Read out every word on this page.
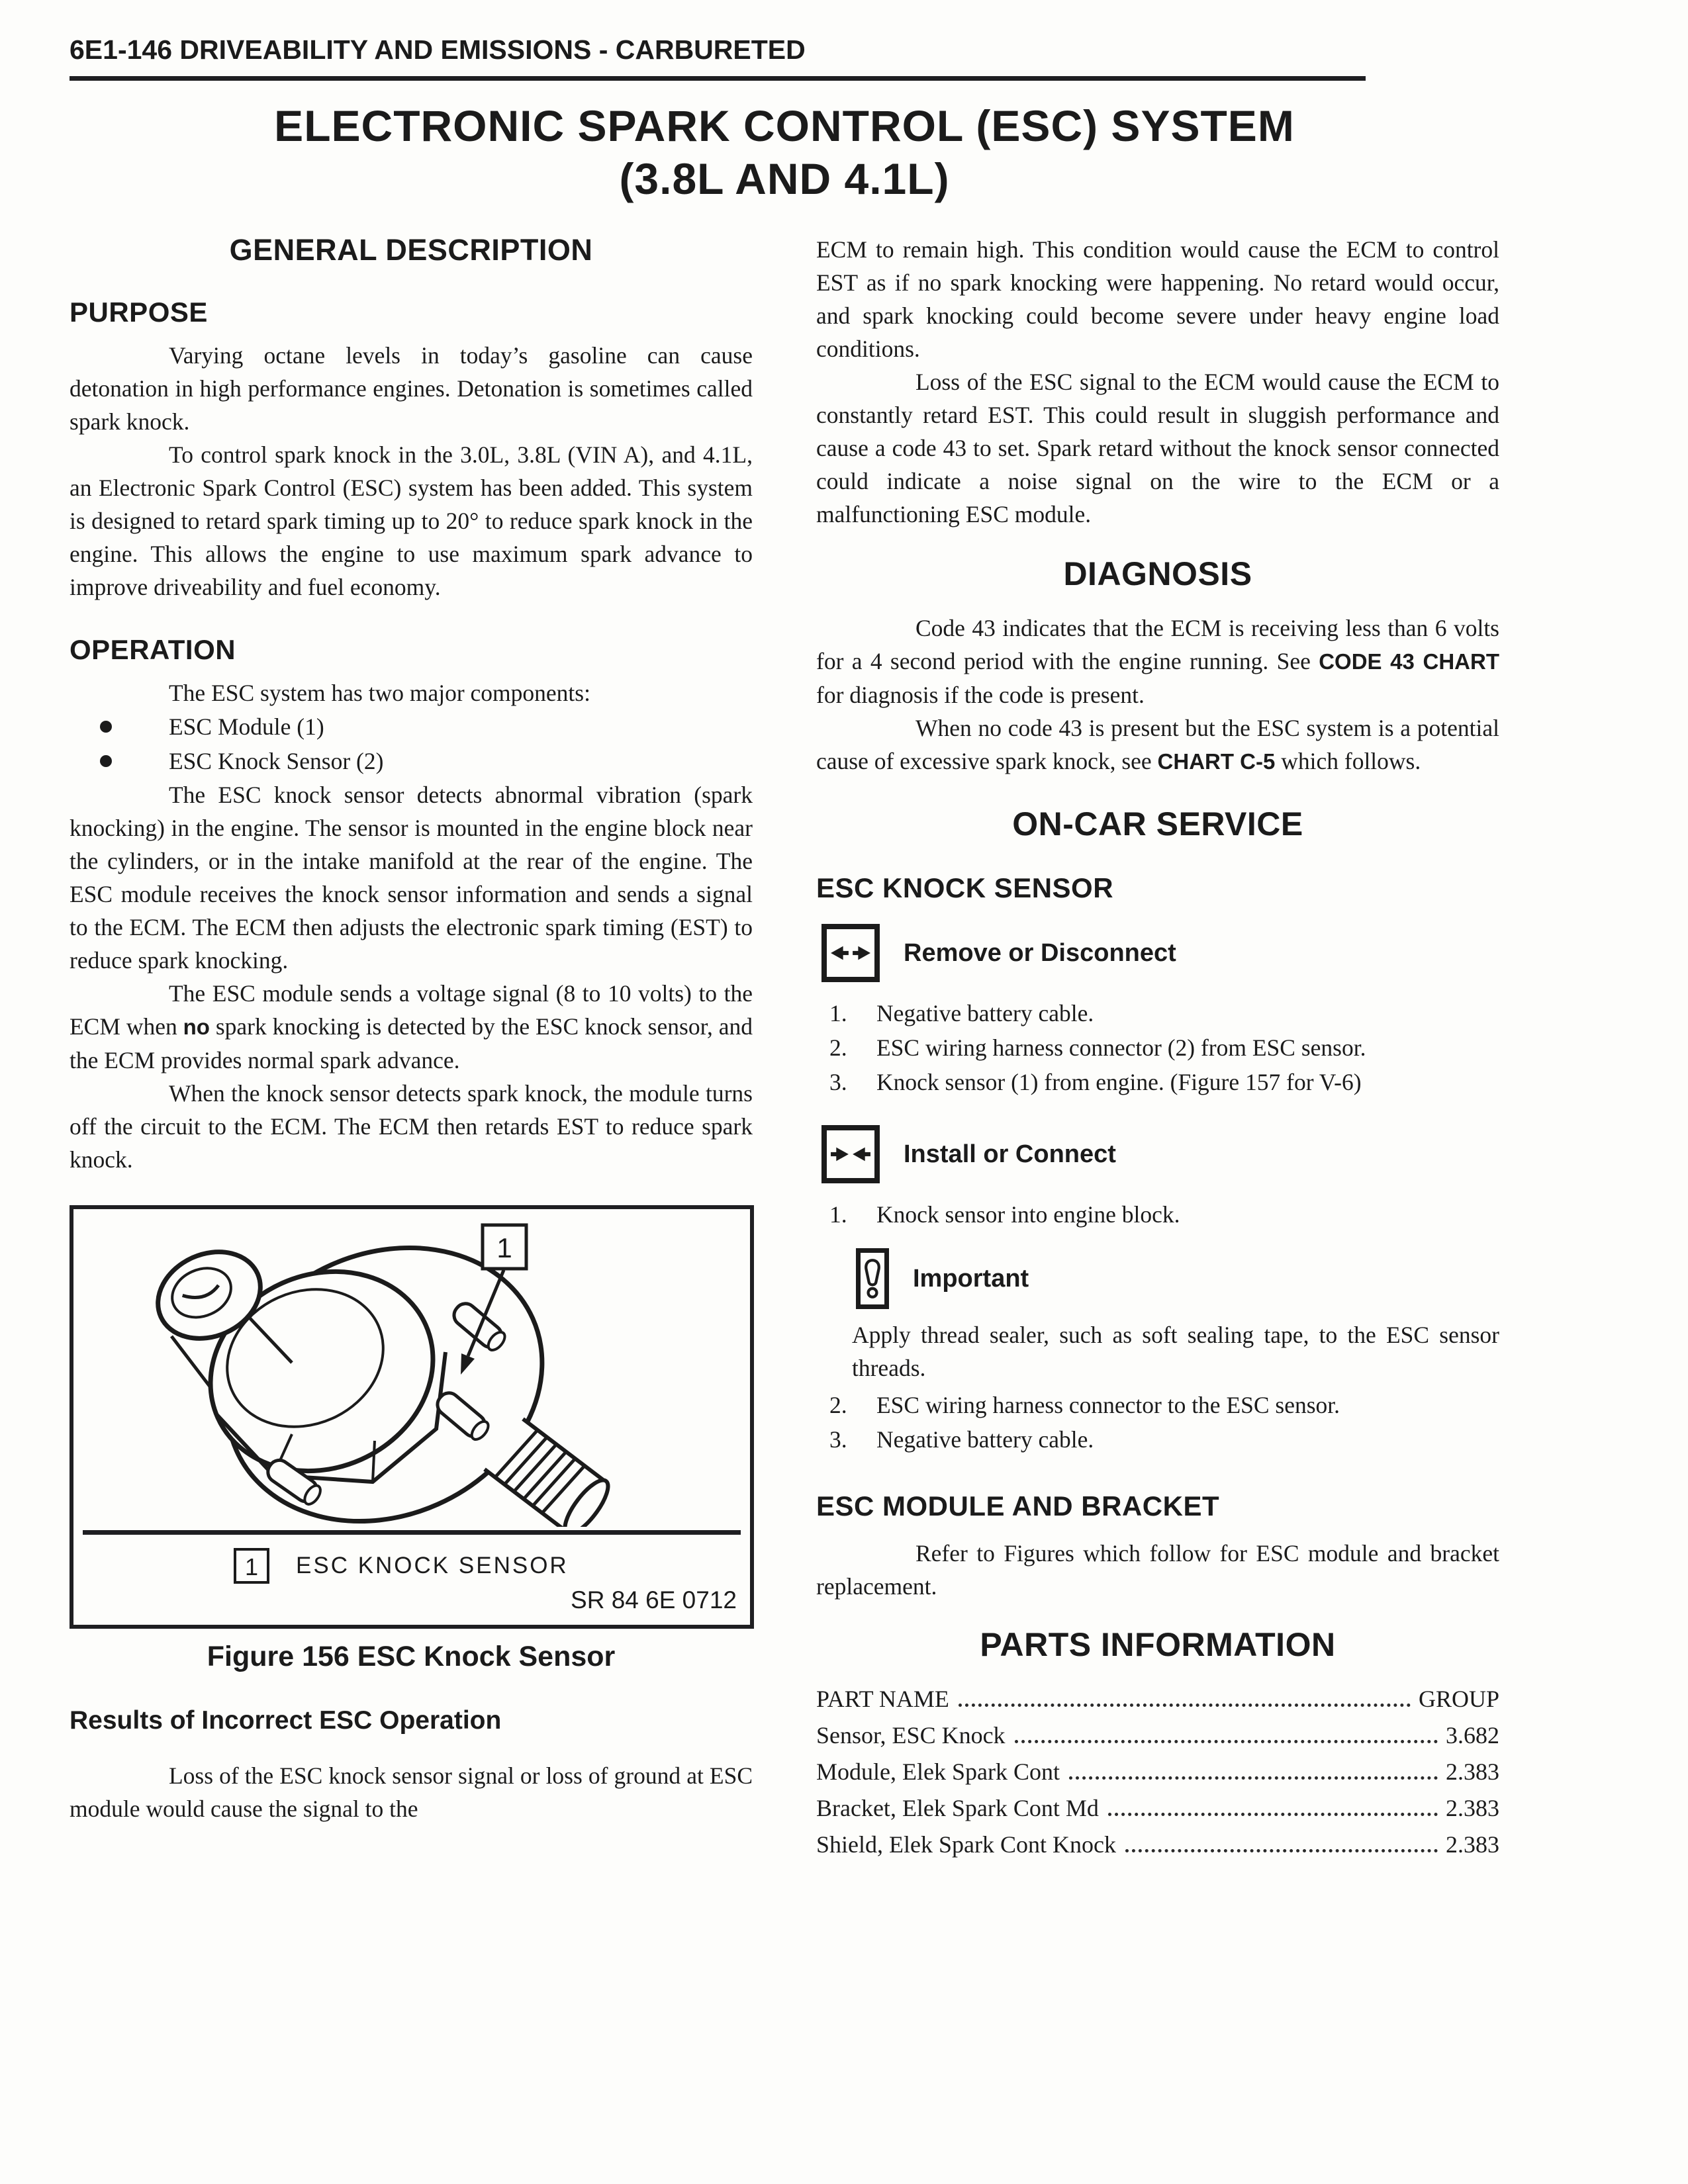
6E1-146 DRIVEABILITY AND EMISSIONS - CARBURETED
ELECTRONIC SPARK CONTROL (ESC) SYSTEM
(3.8L AND 4.1L)
GENERAL DESCRIPTION
PURPOSE

Varying octane levels in today’s gasoline can cause detonation in high performance engines. Detonation is sometimes called spark knock.

To control spark knock in the 3.0L, 3.8L (VIN A), and 4.1L, an Electronic Spark Control (ESC) system has been added. This system is designed to retard spark timing up to 20° to reduce spark knock in the engine. This allows the engine to use maximum spark advance to improve driveability and fuel economy.

OPERATION

The ESC system has two major components:

ESC Module (1)
ESC Knock Sensor (2)

The ESC knock sensor detects abnormal vibration (spark knocking) in the engine. The sensor is mounted in the engine block near the cylinders, or in the intake manifold at the rear of the engine. The ESC module receives the knock sensor information and sends a signal to the ECM. The ECM then adjusts the electronic spark timing (EST) to reduce spark knocking.

The ESC module sends a voltage signal (8 to 10 volts) to the ECM when no spark knocking is detected by the ESC knock sensor, and the ECM provides normal spark advance.

When the knock sensor detects spark knock, the module turns off the circuit to the ECM. The ECM then retards EST to reduce spark knock.

1
1	ESC KNOCK SENSOR
SR 84 6E 0712
Figure 156 ESC Knock Sensor
Results of Incorrect ESC Operation

Loss of the ESC knock sensor signal or loss of ground at ESC module would cause the signal to the

ECM to remain high. This condition would cause the ECM to control EST as if no spark knocking were happening. No retard would occur, and spark knocking could become severe under heavy engine load conditions.

Loss of the ESC signal to the ECM would cause the ECM to constantly retard EST. This could result in sluggish performance and cause a code 43 to set. Spark retard without the knock sensor connected could indicate a noise signal on the wire to the ECM or a malfunctioning ESC module.

DIAGNOSIS

Code 43 indicates that the ECM is receiving less than 6 volts for a 4 second period with the engine running. See CODE 43 CHART for diagnosis if the code is present.

When no code 43 is present but the ESC system is a potential cause of excessive spark knock, see CHART C-5 which follows.

ON-CAR SERVICE
ESC KNOCK SENSOR
Remove or Disconnect
1.	Negative battery cable.
2.	ESC wiring harness connector (2) from ESC sensor.
3.	Knock sensor (1) from engine. (Figure 157 for V-6)
Install or Connect
1.	Knock sensor into engine block.
Important

Apply thread sealer, such as soft sealing tape, to the ESC sensor threads.

2.	ESC wiring harness connector to the ESC sensor.
3.	Negative battery cable.
ESC MODULE AND BRACKET

Refer to Figures which follow for ESC module and bracket replacement.

PARTS INFORMATION
PART NAME	GROUP
Sensor, ESC Knock	3.682
Module, Elek Spark Cont	2.383
Bracket, Elek Spark Cont Md	2.383
Shield, Elek Spark Cont Knock	2.383
